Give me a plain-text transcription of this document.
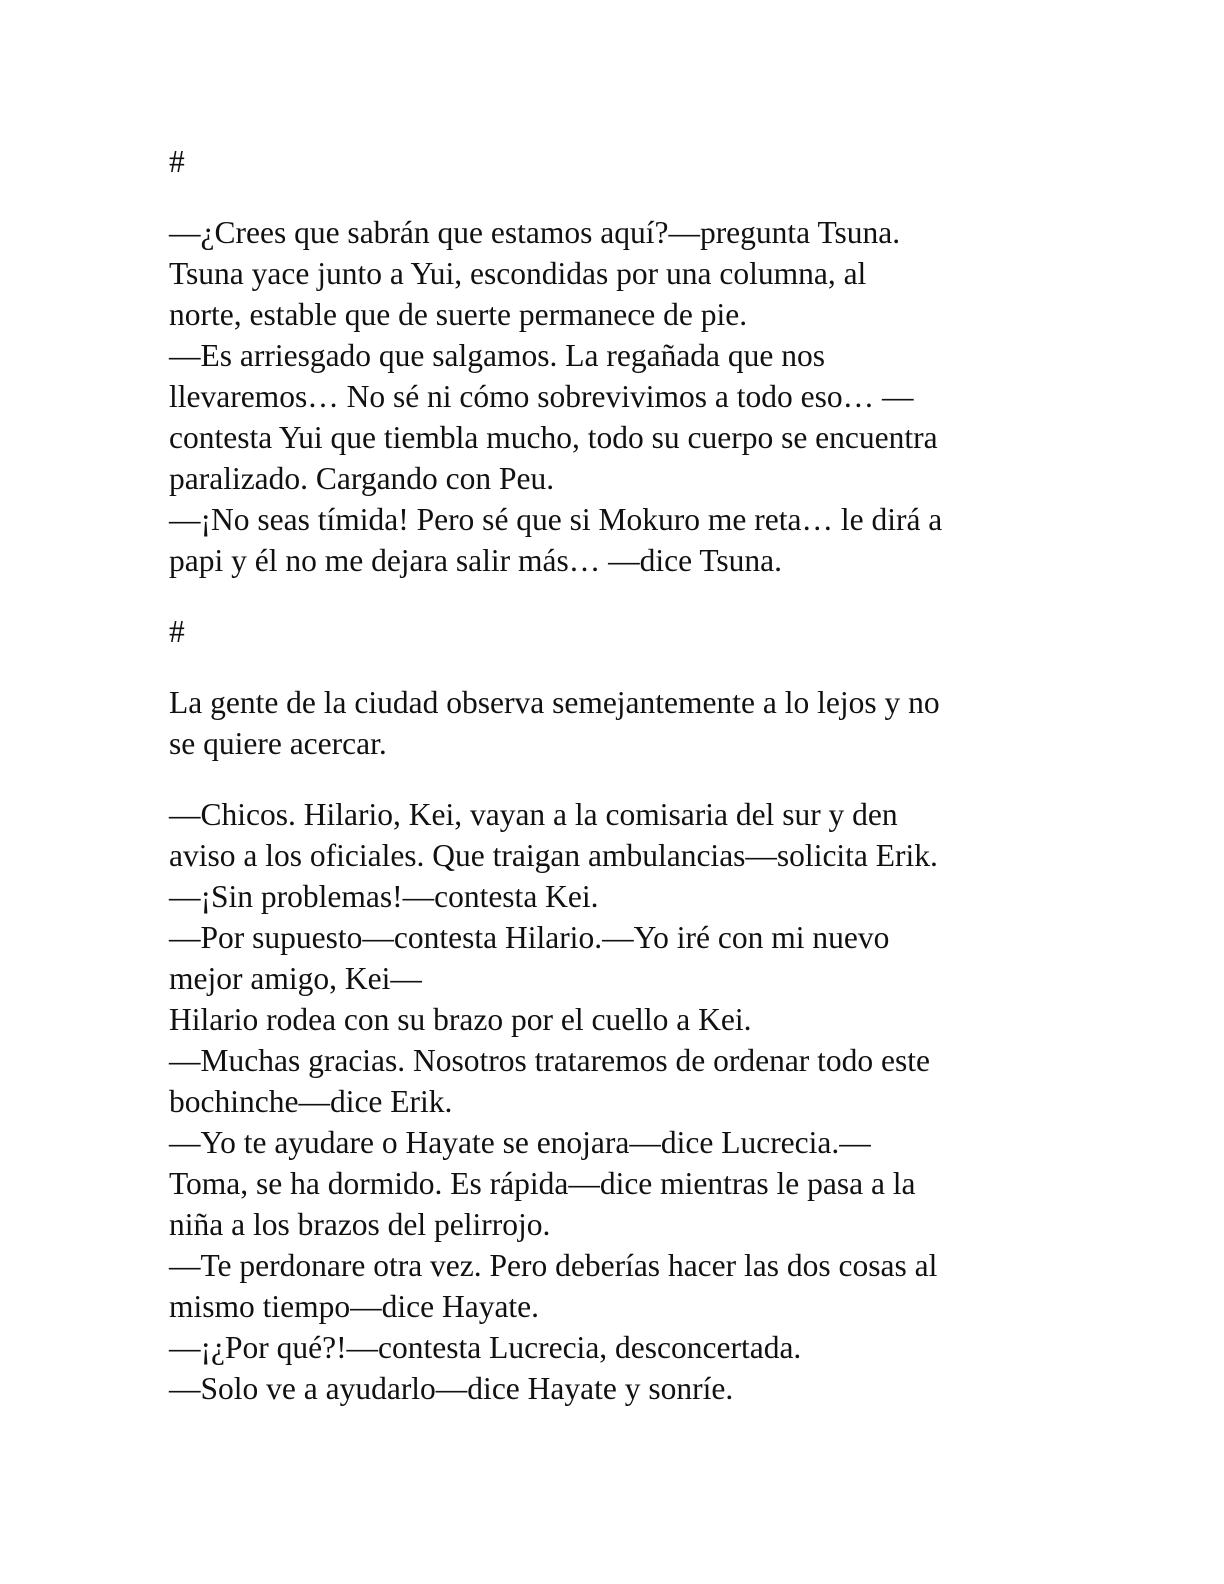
#
—¿Crees que sabrán que estamos aquí?—pregunta Tsuna.
Tsuna yace junto a Yui, escondidas por una columna, al
norte, estable que de suerte permanece de pie.
—Es arriesgado que salgamos. La regañada que nos
llevaremos… No sé ni cómo sobrevivimos a todo eso… —
contesta Yui que tiembla mucho, todo su cuerpo se encuentra
paralizado. Cargando con Peu.
—¡No seas tímida! Pero sé que si Mokuro me reta… le dirá a
papi y él no me dejara salir más… —dice Tsuna.
#
La gente de la ciudad observa semejantemente a lo lejos y no
se quiere acercar.
—Chicos. Hilario, Kei, vayan a la comisaria del sur y den
aviso a los oficiales. Que traigan ambulancias—solicita Erik.
—¡Sin problemas!—contesta Kei.
—Por supuesto—contesta Hilario.—Yo iré con mi nuevo
mejor amigo, Kei—
Hilario rodea con su brazo por el cuello a Kei.
—Muchas gracias. Nosotros trataremos de ordenar todo este
bochinche—dice Erik.
—Yo te ayudare o Hayate se enojara—dice Lucrecia.—
Toma, se ha dormido. Es rápida—dice mientras le pasa a la
niña a los brazos del pelirrojo.
—Te perdonare otra vez. Pero deberías hacer las dos cosas al
mismo tiempo—dice Hayate.
—¡¿Por qué?!—contesta Lucrecia, desconcertada.
—Solo ve a ayudarlo—dice Hayate y sonríe.
